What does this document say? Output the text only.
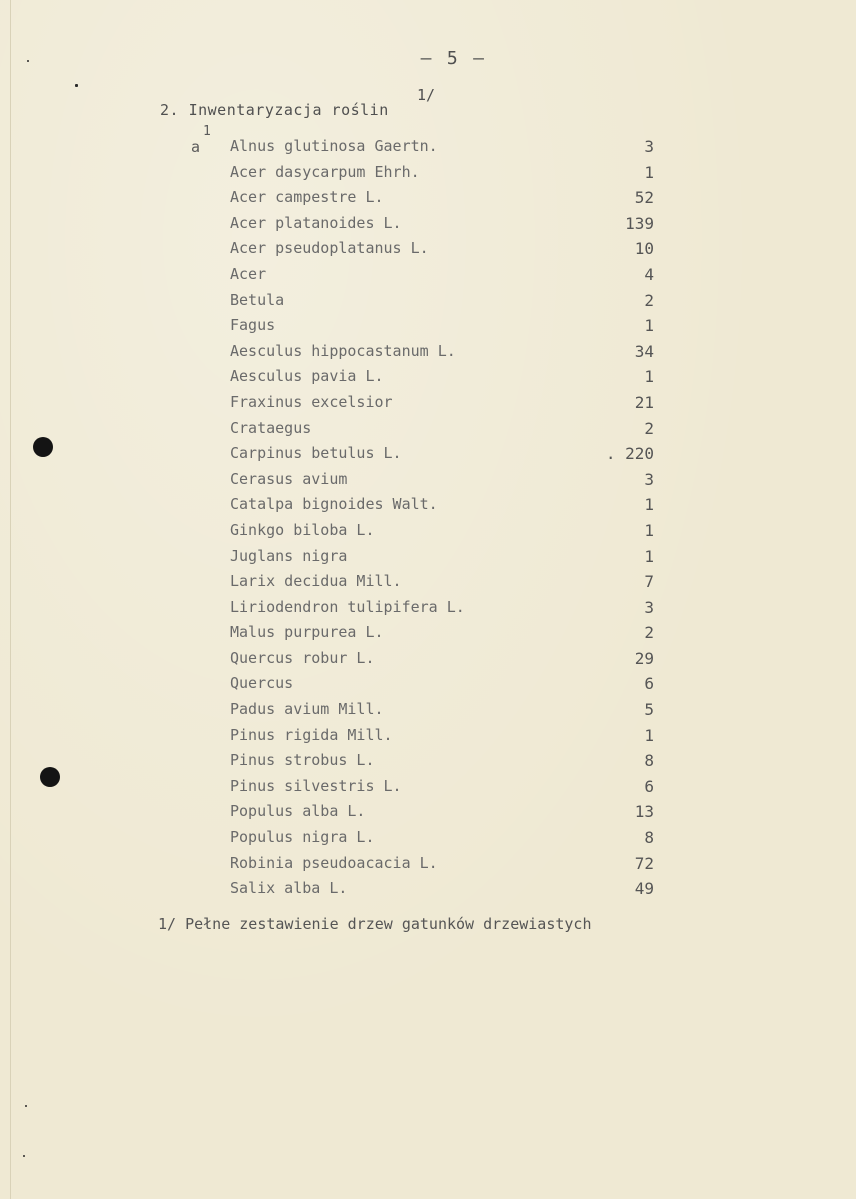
– 5 –
2. Inwentaryzacja roślin
1/
a
1
Alnus glutinosa Gaertn.	3
Acer dasycarpum Ehrh.	1
Acer campestre L.	52
Acer platanoides L.	139
Acer pseudoplatanus L.	10
Acer	4
Betula	2
Fagus	1
Aesculus hippocastanum L.	34
Aesculus pavia L.	1
Fraxinus excelsior	21
Crataegus	2
Carpinus betulus L.	. 220
Cerasus avium	3
Catalpa bignoides Walt.	1
Ginkgo biloba L.	1
Juglans nigra	1
Larix decidua Mill.	7
Liriodendron tulipifera L.	3
Malus purpurea L.	2
Quercus robur L.	29
Quercus	6
Padus avium Mill.	5
Pinus rigida Mill.	1
Pinus strobus L.	8
Pinus silvestris L.	6
Populus alba L.	13
Populus nigra L.	8
Robinia pseudoacacia L.	72
Salix alba L.	49
1/ Pełne zestawienie drzew gatunków drzewiastych
